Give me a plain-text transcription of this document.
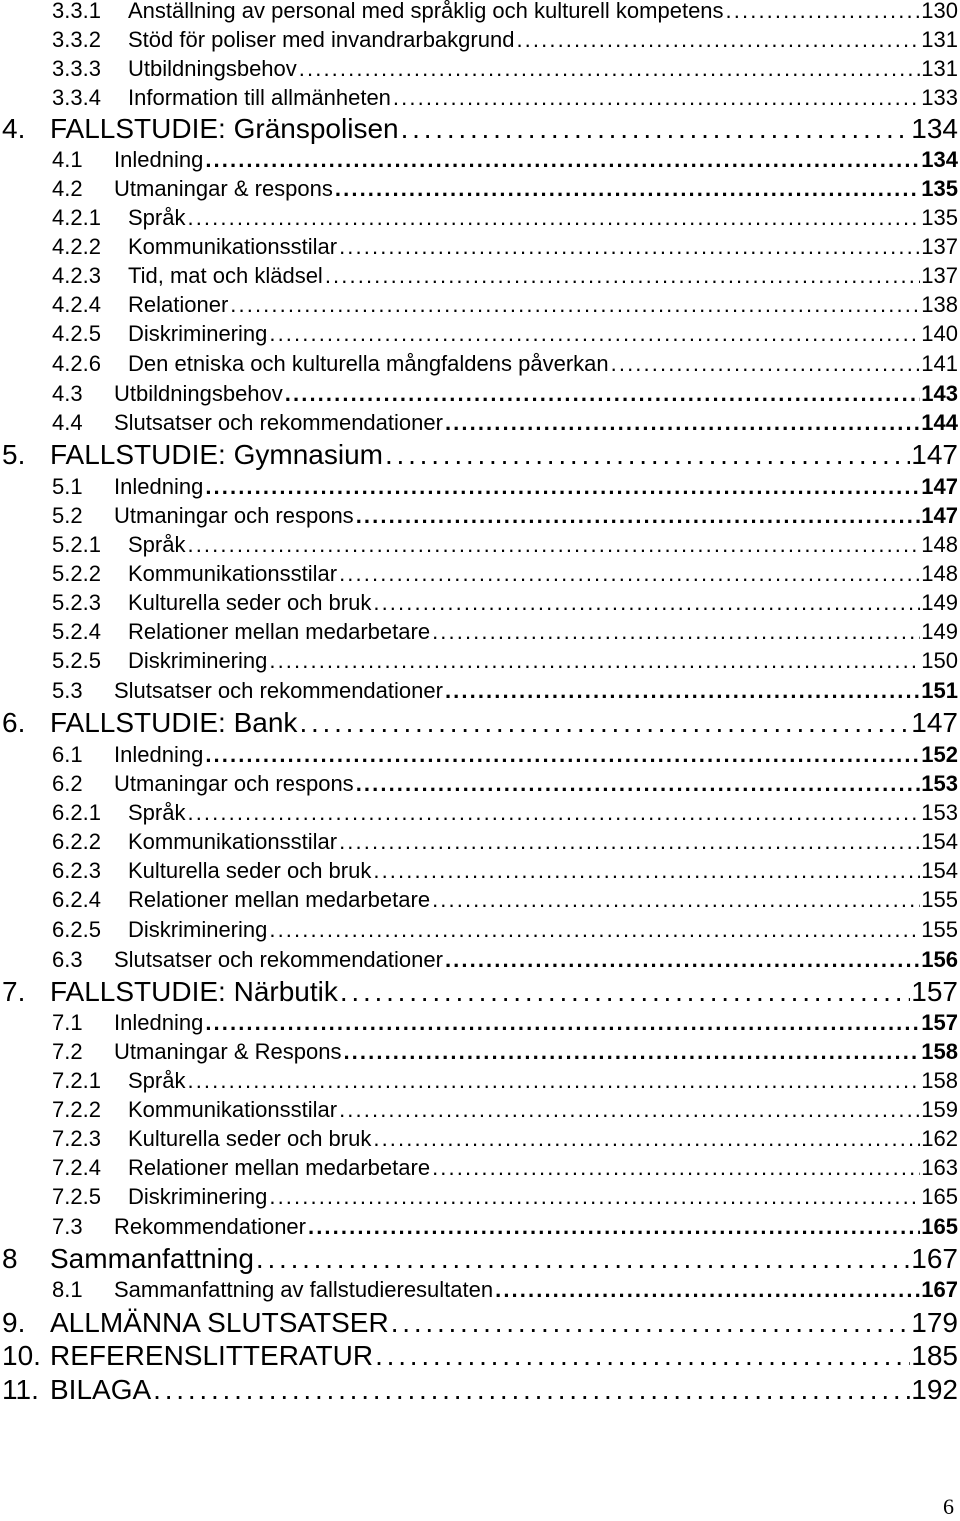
3.3.1 Anställning av personal med språklig och kulturell kompetens . . .	130
3.3.2 Stöd för poliser med invandrarbakgrund . . .	131
3.3.3 Utbildningsbehov . . .	131
3.3.4 Information till allmänheten . . .	133
4. FALLSTUDIE: Gränspolisen . . .	134
4.1 Inledning . . .	134
4.2 Utmaningar & respons . . .	135
4.2.1 Språk . . .	135
4.2.2 Kommunikationsstilar . . .	137
4.2.3 Tid, mat och klädsel . . .	137
4.2.4 Relationer . . .	138
4.2.5 Diskriminering . . .	140
4.2.6 Den etniska och kulturella mångfaldens påverkan . . .	141
4.3 Utbildningsbehov . . .	143
4.4 Slutsatser och rekommendationer . . .	144
5. FALLSTUDIE: Gymnasium . . .	147
5.1 Inledning . . .	147
5.2 Utmaningar och respons . . .	147
5.2.1 Språk . . .	148
5.2.2 Kommunikationsstilar . . .	148
5.2.3 Kulturella seder och bruk . . .	149
5.2.4 Relationer mellan medarbetare . . .	149
5.2.5 Diskriminering . . .	150
5.3 Slutsatser och rekommendationer . . .	151
6. FALLSTUDIE: Bank . . .	147
6.1 Inledning . . .	152
6.2 Utmaningar och respons . . .	153
6.2.1 Språk . . .	153
6.2.2 Kommunikationsstilar . . .	154
6.2.3 Kulturella seder och bruk . . .	154
6.2.4 Relationer mellan medarbetare . . .	155
6.2.5 Diskriminering . . .	155
6.3 Slutsatser och rekommendationer . . .	156
7. FALLSTUDIE: Närbutik . . .	157
7.1 Inledning . . .	157
7.2 Utmaningar & Respons . . .	158
7.2.1 Språk . . .	158
7.2.2 Kommunikationsstilar . . .	159
7.2.3 Kulturella seder och bruk . . .	162
7.2.4 Relationer mellan medarbetare . . .	163
7.2.5 Diskriminering . . .	165
7.3 Rekommendationer . . .	165
8 Sammanfattning . . .	167
8.1 Sammanfattning av fallstudieresultaten . . .	167
9. ALLMÄNNA SLUTSATSER . . .	179
10. REFERENSLITTERATUR . . .	185
11. BILAGA . . .	192
6
